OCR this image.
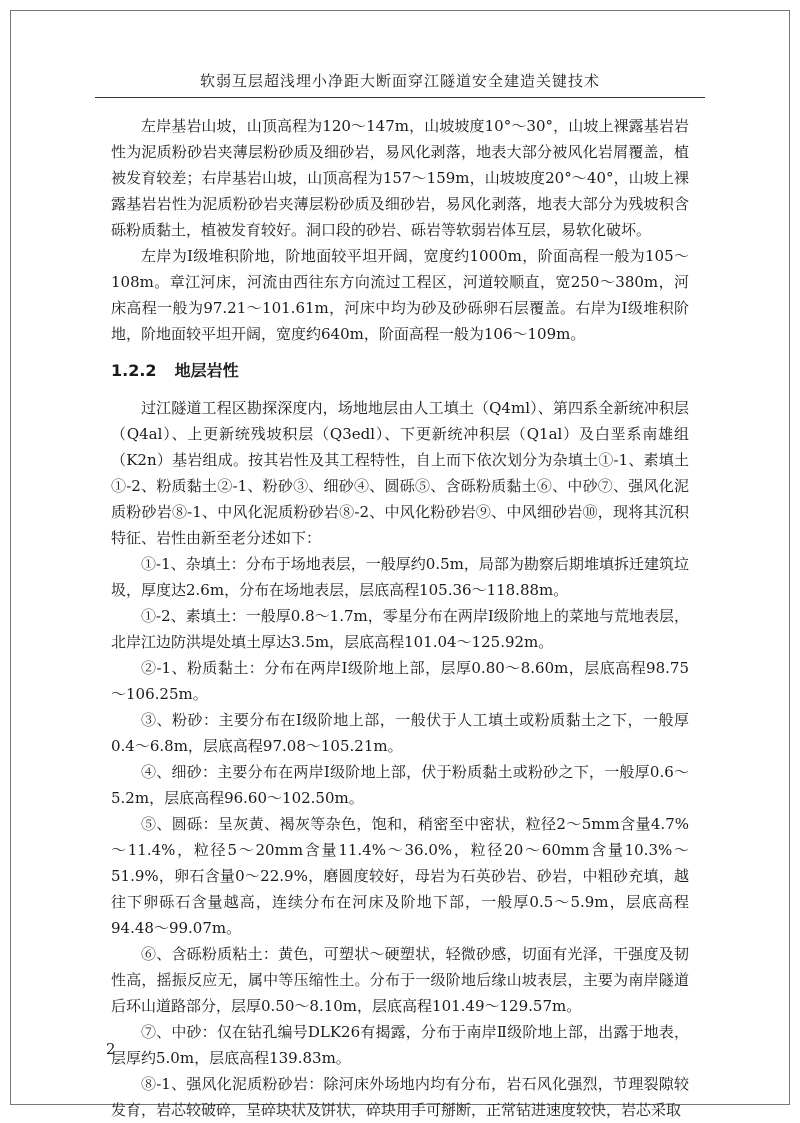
软弱互层超浅埋小净距大断面穿江隧道安全建造关键技术

左岸基岩山坡，山顶高程为120～147m，山坡坡度10°～30°，山坡上裸露基岩岩性为泥质粉砂岩夹薄层粉砂质及细砂岩，易风化剥落，地表大部分被风化岩屑覆盖，植被发育较差；右岸基岩山坡，山顶高程为157～159m，山坡坡度20°～40°，山坡上裸露基岩岩性为泥质粉砂岩夹薄层粉砂质及细砂岩，易风化剥落，地表大部分为残坡积含砾粉质黏土，植被发育较好。洞口段的砂岩、砾岩等软弱岩体互层，易软化破坏。

左岸为Ⅰ级堆积阶地，阶地面较平坦开阔，宽度约1000m，阶面高程一般为105～108m。章江河床，河流由西往东方向流过工程区，河道较顺直，宽250～380m，河床高程一般为97.21～101.61m，河床中均为砂及砂砾卵石层覆盖。右岸为Ⅰ级堆积阶地，阶地面较平坦开阔，宽度约640m，阶面高程一般为106～109m。

1.2.2 地层岩性

过江隧道工程区勘探深度内，场地地层由人工填土（Q4ml）、第四系全新统冲积层（Q4al）、上更新统残坡积层（Q3edl）、下更新统冲积层（Q1al）及白垩系南雄组（K2n）基岩组成。按其岩性及其工程特性，自上而下依次划分为杂填土①-1、素填土①-2、粉质黏土②-1、粉砂③、细砂④、圆砾⑤、含砾粉质黏土⑥、中砂⑦、强风化泥质粉砂岩⑧-1、中风化泥质粉砂岩⑧-2、中风化粉砂岩⑨、中风细砂岩⑩，现将其沉积特征、岩性由新至老分述如下：

①-1、杂填土：分布于场地表层，一般厚约0.5m，局部为勘察后期堆填拆迁建筑垃圾，厚度达2.6m，分布在场地表层，层底高程105.36～118.88m。

①-2、素填土：一般厚0.8～1.7m，零星分布在两岸Ⅰ级阶地上的菜地与荒地表层，北岸江边防洪堤处填土厚达3.5m，层底高程101.04～125.92m。

②-1、粉质黏土：分布在两岸Ⅰ级阶地上部，层厚0.80～8.60m，层底高程98.75～106.25m。

③、粉砂：主要分布在Ⅰ级阶地上部，一般伏于人工填土或粉质黏土之下，一般厚0.4～6.8m，层底高程97.08～105.21m。

④、细砂：主要分布在两岸Ⅰ级阶地上部，伏于粉质黏土或粉砂之下，一般厚0.6～5.2m，层底高程96.60～102.50m。

⑤、圆砾：呈灰黄、褐灰等杂色，饱和，稍密至中密状，粒径2～5mm含量4.7%～11.4%，粒径5～20mm含量11.4%～36.0%，粒径20～60mm含量10.3%～51.9%，卵石含量0～22.9%，磨圆度较好，母岩为石英砂岩、砂岩，中粗砂充填，越往下卵砾石含量越高，连续分布在河床及阶地下部，一般厚0.5～5.9m，层底高程94.48～99.07m。

⑥、含砾粉质粘土：黄色，可塑状～硬塑状，轻微砂感，切面有光泽，干强度及韧性高，摇振反应无，属中等压缩性土。分布于一级阶地后缘山坡表层，主要为南岸隧道后环山道路部分，层厚0.50～8.10m，层底高程101.49～129.57m。

⑦、中砂：仅在钻孔编号DLK26有揭露，分布于南岸Ⅱ级阶地上部，出露于地表，层厚约5.0m，层底高程139.83m。

⑧-1、强风化泥质粉砂岩：除河床外场地内均有分布，岩石风化强烈，节理裂隙较发育，岩芯较破碎，呈碎块状及饼状，碎块用手可掰断，正常钻进速度较快，岩芯采取

2
